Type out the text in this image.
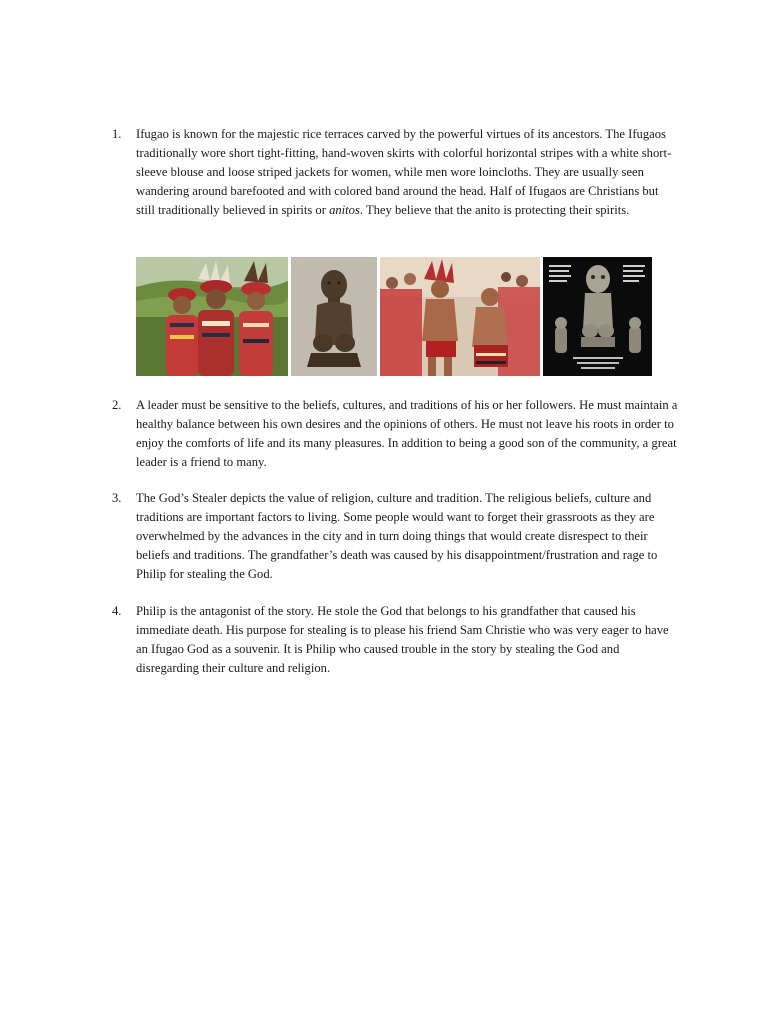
1.	Ifugao is known for the majestic rice terraces carved by the powerful virtues of its ancestors. The Ifugaos traditionally wore short tight-fitting, hand-woven skirts with colorful horizontal stripes with a white short-sleeve blouse and loose striped jackets for women, while men wore loincloths. They are usually seen wandering around barefooted and with colored band around the head. Half of Ifugaos are Christians but still traditionally believed in spirits or anitos. They believe that the anito is protecting their spirits.
2.	A leader must be sensitive to the beliefs, cultures, and traditions of his or her followers. He must maintain a healthy balance between his own desires and the opinions of others. He must not leave his roots in order to enjoy the comforts of life and its many pleasures. In addition to being a good son of the community, a great leader is a friend to many.
3.	The God’s Stealer depicts the value of religion, culture and tradition. The religious beliefs, culture and traditions are important factors to living. Some people would want to forget their grassroots as they are overwhelmed by the advances in the city and in turn doing things that would create disrespect to their beliefs and traditions. The grandfather’s death was caused by his disappointment/frustration and rage to Philip for stealing the God.
4.	Philip is the antagonist of the story. He stole the God that belongs to his grandfather that caused his immediate death. His purpose for stealing is to please his friend Sam Christie who was very eager to have an Ifugao God as a souvenir. It is Philip who caused trouble in the story by stealing the God and disregarding their culture and religion.
